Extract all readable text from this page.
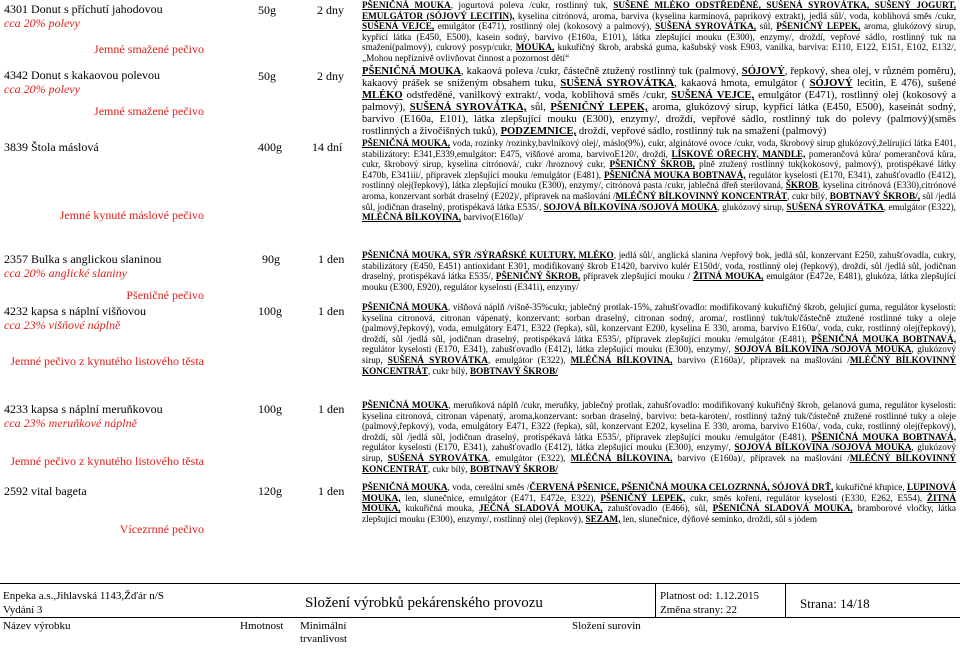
4301 Donut s příchutí jahodovou
cca 20% polevy
Jemné smažené pečivo
50g	2 dny PŠENIČNÁ MOUKA, jogurtová poleva /cukr, rostlinný tuk, SUŠENÉ MLÉKO ODSTŘEDĚNÉ, SUŠENÁ SYROVÁTKA, SUŠENÝ JOGURT, EMULGÁTOR (SÓJOVÝ LECITIN), kyselina citrónová, aroma, barviva (kyselina karmínová, paprikový extrakt), jedlá sůl/, voda, koblihová směs /cukr, SUŠENÁ VEJCE, emulgátor (E471), rostlinný olej (kokosový a palmový), SUŠENÁ SYROVÁTKA, sůl, PŠENIČNÝ LEPEK, aroma, glukózový sirup, kypřicí látka (E450, E500), kasein sodný, barvivo (E160a, E101), látka zlepšující mouku (E300), enzymy/, droždí, vepřové sádlo, rostlinný tuk na smažení(palmový), cukrový posyp/cukr, MOUKA, kukuřičný škrob, arabská guma, kašubský vosk E903, vanilka, barviva: E110, E122, E151, E102, E132/, „Mohou nepříznivě ovlivňovat činnost a pozornost dětí“
4342 Donut s kakaovou polevou
cca 20% polevy
Jemné smažené pečivo
50g	2 dny PŠENIČNÁ MOUKA, kakaová poleva /cukr, částečně ztužený rostlinný tuk (palmový, SÓJOVÝ, řepkový, shea olej, v různém poměru), kakaový prášek se sníženým obsahem tuku, SUŠENÁ SYROVÁTKA, kakaová hmota, emulgátor ( SÓJOVÝ lecitin, E 476), sušené MLÉKO odstředěné, vanilkový extrakt/, voda, koblihová směs /cukr, SUŠENÁ VEJCE, emulgátor (E471), rostlinný olej (kokosový a palmový), SUŠENÁ SYROVÁTKA, sůl, PŠENIČNÝ LEPEK, aroma, glukózový sirup, kypřicí látka (E450, E500), kaseinát sodný, barvivo (E160a, E101), látka zlepšující mouku (E300), enzymy/, droždí, vepřové sádlo, rostlinný tuk do polevy (palmový)(směs rostlinných a živočišných tuků), PODZEMNICE, droždí, vepřové sádlo, rostlinný tuk na smažení (palmový)
3839 Štola máslová
Jemné kynuté máslové pečivo
400g	14 dní PŠENIČNÁ MOUKA, voda, rozinky /rozinky,bavlníkový olej/, máslo(9%), cukr, alginátové ovoce /cukr, voda, škrobový sirup glukózový,želírující látka E401, stabilizátory: E341,E339,emulgátor: E475, višňové aroma, barvivoE120/, droždí, LÍSKOVÉ OŘECHY, MANDLE, pomerančová kůra/ pomerančová kůra, cukr, škrobový sirup, kyselina citrónová/, cukr /hroznový cukr, PŠENIČNÝ ŠKROB, plně ztužený rostlinný tuk(kokosový, palmový), protispékavé látky E470b, E341iii/, přípravek zlepšující mouku /emulgátor (E481), PŠENIČNÁ MOUKA BOBTNAVÁ, regulátor kyselosti (E170, E341), zahušťovadlo (E412), rostlinný olej(řepkový), látka zlepšující mouku (E300), enzymy/, citrónová pasta /cukr, jablečná dřeň sterilovaná, ŠKROB, kyselina citrónová (E330),citrónové aroma, konzervant sorbát draselný (E202)/, přípravek na mašlování /MLÉČNÝ BÍLKOVINNÝ KONCENTRÁT, cukr bílý, BOBTNAVÝ ŠKROB/, sůl /jedlá sůl, jodičnan draselný, protispékavá látka E535/, SOJOVÁ BÍLKOVINA /SOJOVÁ MOUKA, glukózový sirup, SUŠENÁ SYROVÁTKA, emulgátor (E322), MLÉČNÁ BÍLKOVINA, barvivo(E160a)/
2357 Bulka s anglickou slaninou
cca 20% anglické slaniny
Pšeničné pečivo
90g	1 den PŠENIČNÁ MOUKA, SÝR /SÝRAŘSKÉ KULTURY, MLÉKO, jedlá sůl/, anglická slanina /vepřový bok, jedlá sůl, konzervant E250, zahušťovadla, cukry, stabilizátory (E450, E451) antioxidant E301, modifikovaný škrob E1420, barvivo kulér E150d/, voda, rostlinný olej (řepkový), droždí, sůl /jedlá sůl, jodičnan draselný, protispékavá látka E535/, PŠENIČNÝ ŠKROB, přípravek zlepšující mouku / ŽITNÁ MOUKA, emulgátor (E472e, E481), glukóza, látka zlepšující mouku (E300, E920), regulátor kyselosti (E341i), enzymy/
4232 kapsa s náplní višňovou
cca 23% višňové náplně
Jemné pečivo z kynutého listového těsta
100g	1 den PŠENIČNÁ MOUKA, višňová náplň /višně-35%cukr, jablečný protlak-15%, zahušťovadlo: modifikovaný kukuřičný škrob, gelující guma, regulátor kyselosti: kyselina citronová, citronan vápenatý, konzervant: sorban draselný, citronan sodný, aroma/, rostlinný tuk/tuk/částečně ztužené rostlinné tuky a oleje (palmový,řepkový), voda, emulgátory E471, E322 (řepka), sůl, konzervant E200, kyselina E 330, aroma, barvivo E160a/, voda, cukr, rostlinný olej(řepkový), droždí, sůl /jedlá sůl, jodičnan draselný, protispékavá látka E535/, přípravek zlepšující mouku /emulgátor (E481), PŠENIČNÁ MOUKA BOBTNAVÁ, regulátor kyselosti (E170, E341), zahušťovadlo (E412), látka zlepšující mouku (E300), enzymy/, SOJOVÁ BÍLKOVINA /SOJOVÁ MOUKA, glukózový sirup, SUŠENÁ SYROVÁTKA, emulgátor (E322), MLÉČNÁ BÍLKOVINA, barvivo (E160a)/, přípravek na mašlování /MLÉČNÝ BÍLKOVINNÝ KONCENTRÁT, cukr bílý, BOBTNAVÝ ŠKROB/
4233 kapsa s náplní meruňkovou
cca 23% meruňkové náplně
Jemné pečivo z kynutého listového těsta
100g	1 den PŠENIČNÁ MOUKA, meruňková náplň /cukr, meruňky, jablečný protlak, zahušťovadlo: modifikovaný kukuřičný škrob, gelanová guma, regulátor kyselosti: kyselina citronová, citronan vápenatý, aroma,konzervant: sorban draselný, barvivo: beta-karoten/, rostlinný tažný tuk/částečně ztužené rostlinné tuky a oleje (palmový,řepkový), voda, emulgátory E471, E322 (řepka), sůl, konzervant E202, kyselina E 330, aroma, barvivo E160a/, voda, cukr, rostlinný olej(řepkový), droždí, sůl /jedlá sůl, jodičnan draselný, protispékavá látka E535/, přípravek zlepšující mouku /emulgátor (E481), PŠENIČNÁ MOUKA BOBTNAVÁ, regulátor kyselosti (E170, E341), zahušťovadlo (E412), látka zlepšující mouku (E300), enzymy/, SOJOVÁ BÍLKOVINA /SOJOVÁ MOUKA, glukózový sirup, SUŠENÁ SYROVÁTKA, emulgátor (E322), MLÉČNÁ BÍLKOVINA, barvivo (E160a)/, přípravek na mašlování /MLÉČNÝ BÍLKOVINNÝ KONCENTRÁT, cukr bílý, BOBTNAVÝ ŠKROB/
2592 vital bageta
Vícezrnné pečivo
120g	1 den PŠENIČNÁ MOUKA, voda, cereální směs /ČERVENÁ PŠENICE, PŠENIČNÁ MOUKA CELOZRNNÁ, SÓJOVÁ DRŤ, kukuřičné křupice, LUPINOVÁ MOUKA, len, slunečnice, emulgátor (E471, E472e, E322), PŠENIČNÝ LEPEK, cukr, směs koření, regulátor kyselosti (E330, E262, E554), ŽITNÁ MOUKA, kukuřičná mouka, JEČNÁ SLADOVÁ MOUKA, zahušťovadlo (E466), sůl, PŠENIČNÁ SLADOVÁ MOUKA, bramborové vločky, látka zlepšující mouku (E300), enzymy/, rostlinný olej (řepkový), SEZAM, len, slunečnice, dýňové semínko, droždí, sůl s jódem
Enpeka a.s.,Jihlavská 1143,Žďár n/S
Vydání 3	Složení výrobků pekárenského provozu	Platnost od: 1.12.2015
Změna strany: 22	Strana: 14/18
Název výrobku	Hmotnost Minimální
trvanlivost
Složení surovin
